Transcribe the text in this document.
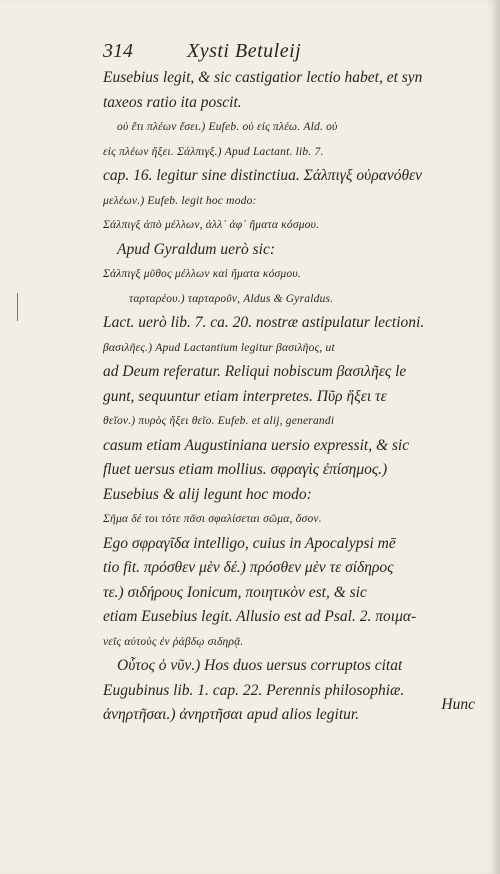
314	Xysti Betuleij
Eusebius legit, & sic castigatior lectio habet, et syn
taxeos ratio ita poscit.
οὐ ἔτι πλέων ἔσει.) Eufeb. οὐ εἰς πλέω. Ald. οὐ
εἰς πλέων ἥξει. Σάλπιγξ.) Apud Lactant. lib. 7.
cap. 16. legitur sine distinctiua. Σάλπιγξ οὐρανόθεν
μελέων.) Eufeb. legit hoc modo:
Σάλπιγξ ἀπὸ μέλλων, ἀλλ᾽ ἀφ᾽ ἤματα κόσμου.
Apud Gyraldum uerò sic:
Σάλπιγξ μῦθος μέλλων καὶ ἤματα κόσμου.
ταρταρέου.) ταρταροῦν, Aldus & Gyraldus.
Lact. uerò lib. 7. ca. 20. nostræ astipulatur lectioni.
βασιλῆες.) Apud Lactantium legitur βασιλῆος, ut
ad Deum referatur. Reliqui nobiscum βασιλῆες le
gunt, sequuntur etiam interpretes. Πῦρ ἥξει τε
θεῖον.) πυρὸς ἥξει θεῖο. Eufeb. et alij, generandi
casum etiam Augustiniana uersio expressit, & sic
fluet uersus etiam mollius. σφραγὶς ἐπίσημος.)
Eusebius & alij legunt hoc modo:
Σῆμα δέ τοι τότε πᾶσι σφαλίσεται σῶμα, ὅσον.
Ego σφραγῖδα intelligo, cuius in Apocalypsi mē
tio fit. πρόσθεν μὲν δέ.) πρόσθεν μὲν τε σίδηρος
τε.) σιδήρους Ionicum, ποιητικὸν est, & sic
etiam Eusebius legit. Allusio est ad Psal. 2. ποιμα-
νεῖς αὐτοὺς ἐν ῥάβδῳ σιδηρᾷ.
Οὗτος ὁ νῦν.) Hos duos uersus corruptos citat
Eugubinus lib. 1. cap. 22. Perennis philosophiæ.
ἀνηρτῆσαι.) ἀνηρτῆσαι apud alios legitur.
Hunc
